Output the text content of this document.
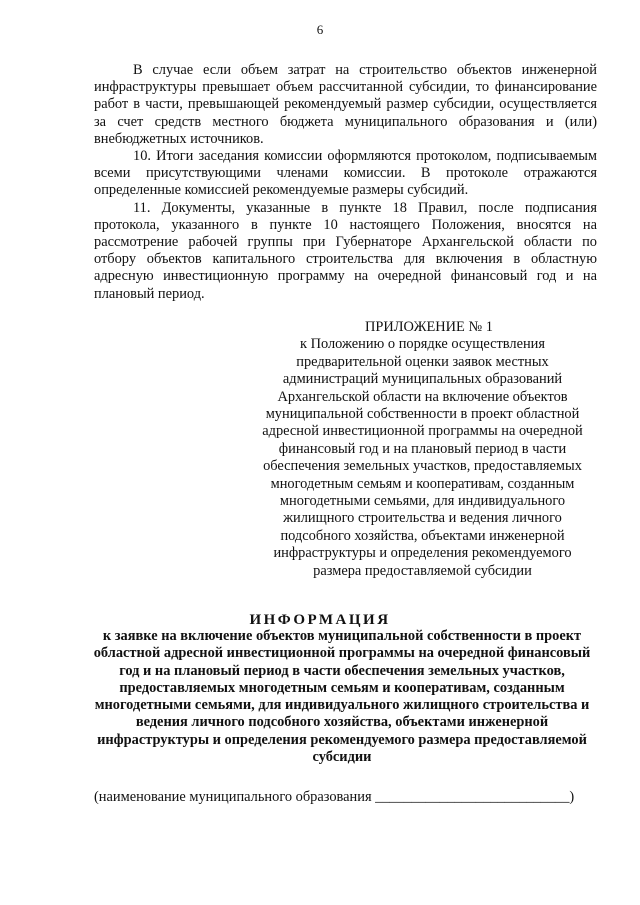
6

В случае если объем затрат на строительство объектов инженерной инфраструктуры превышает объем рассчитанной субсидии, то финансирование работ в части, превышающей рекомендуемый размер субсидии, осуществляется за счет средств местного бюджета муниципального образования и (или) внебюджетных источников.

10. Итоги заседания комиссии оформляются протоколом, подписываемым всеми присутствующими членами комиссии. В протоколе отражаются определенные комиссией рекомендуемые размеры субсидий.

11. Документы, указанные в пункте 18 Правил, после подписания протокола, указанного в пункте 10 настоящего Положения, вносятся на рассмотрение рабочей группы при Губернаторе Архангельской области по отбору объектов капитального строительства для включения в областную адресную инвестиционную программу на очередной финансовый год и на плановый период.

ПРИЛОЖЕНИЕ № 1
к Положению о порядке осуществления предварительной оценки заявок местных администраций муниципальных образований Архангельской области на включение объектов муниципальной собственности в проект областной адресной инвестиционной программы на очередной финансовый год и на плановый период в части обеспечения земельных участков, предоставляемых многодетным семьям и кооперативам, созданным многодетными семьями, для индивидуального жилищного строительства и ведения личного подсобного хозяйства, объектами инженерной инфраструктуры и определения рекомендуемого размера предоставляемой субсидии
ИНФОРМАЦИЯ
к заявке на включение объектов муниципальной собственности в проект областной адресной инвестиционной программы на очередной финансовый год и на плановый период в части обеспечения земельных участков, предоставляемых многодетным семьям и кооперативам, созданным многодетными семьями, для индивидуального жилищного строительства и ведения личного подсобного хозяйства, объектами инженерной инфраструктуры и определения рекомендуемого размера предоставляемой субсидии
(наименование муниципального образования ___________________________)
